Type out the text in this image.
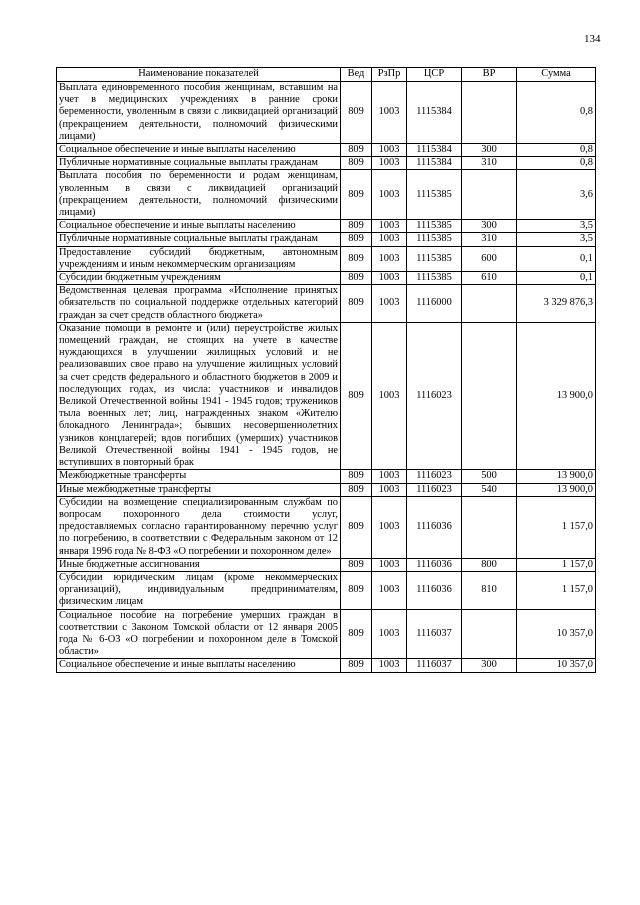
134
Наименование показателей	Вед	РзПр	ЦСР	ВР	Сумма
Выплата единовременного пособия женщинам, вставшим на учет в медицинских учреждениях в ранние сроки беременности, уволенным в связи с ликвидацией организаций (прекращением деятельности, полномочий физическими лицами)	809	1003	1115384		0,8
Социальное обеспечение и иные выплаты населению	809	1003	1115384	300	0,8
Публичные нормативные социальные выплаты гражданам	809	1003	1115384	310	0,8
Выплата пособия по беременности и родам женщинам, уволенным в связи с ликвидацией организаций (прекращением деятельности, полномочий физическими лицами)	809	1003	1115385		3,6
Социальное обеспечение и иные выплаты населению	809	1003	1115385	300	3,5
Публичные нормативные социальные выплаты гражданам	809	1003	1115385	310	3,5
Предоставление субсидий бюджетным, автономным учреждениям и иным некоммерческим организациям	809	1003	1115385	600	0,1
Субсидии бюджетным учреждениям	809	1003	1115385	610	0,1
Ведомственная целевая программа «Исполнение принятых обязательств по социальной поддержке отдельных категорий граждан за счет средств областного бюджета»	809	1003	1116000		3 329 876,3
Оказание помощи в ремонте и (или) переустройстве жилых помещений граждан, не стоящих на учете в качестве нуждающихся в улучшении жилищных условий и не реализовавших свое право на улучшение жилищных условий за счет средств федерального и областного бюджетов в 2009 и последующих годах, из числа: участников и инвалидов Великой Отечественной войны 1941 - 1945 годов; тружеников тыла военных лет; лиц, награжденных знаком «Жителю блокадного Ленинграда»; бывших несовершеннолетних узников концлагерей; вдов погибших (умерших) участников Великой Отечественной войны 1941 - 1945 годов, не вступивших в повторный брак	809	1003	1116023		13 900,0
Межбюджетные трансферты	809	1003	1116023	500	13 900,0
Иные межбюджетные трансферты	809	1003	1116023	540	13 900,0
Субсидии на возмещение специализированным службам по вопросам похоронного дела стоимости услуг, предоставляемых согласно гарантированному перечню услуг по погребению, в соответствии с Федеральным законом от 12 января 1996 года № 8-ФЗ «О погребении и похоронном деле»	809	1003	1116036		1 157,0
Иные бюджетные ассигнования	809	1003	1116036	800	1 157,0
Субсидии юридическим лицам (кроме некоммерческих организаций), индивидуальным предпринимателям, физическим лицам	809	1003	1116036	810	1 157,0
Социальное пособие на погребение умерших граждан в соответствии с Законом Томской области от 12 января 2005 года № 6-ОЗ «О погребении и похоронном деле в Томской области»	809	1003	1116037		10 357,0
Социальное обеспечение и иные выплаты населению	809	1003	1116037	300	10 357,0
